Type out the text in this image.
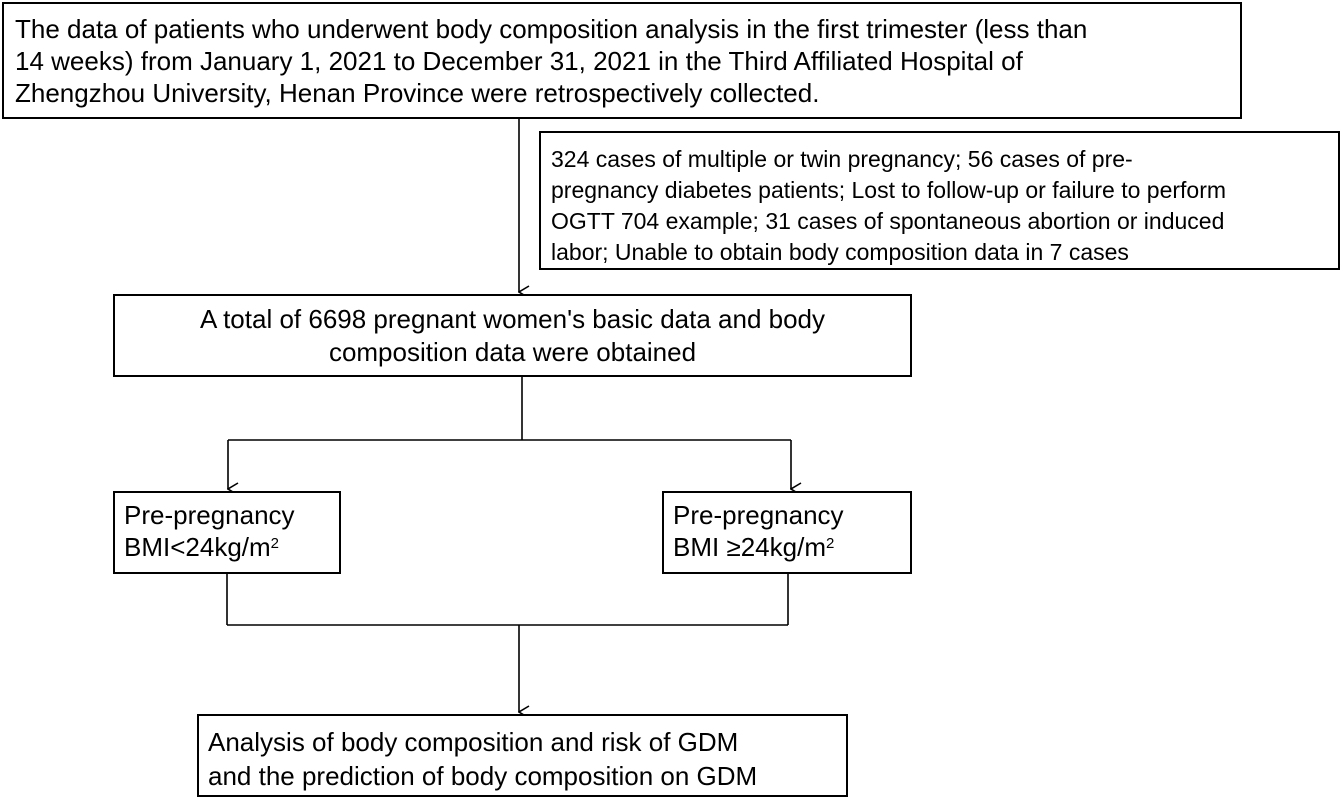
The data of patients who underwent body composition analysis in the first trimester (less than
14 weeks) from January 1, 2021 to December 31, 2021 in the Third Affiliated Hospital of
Zhengzhou University, Henan Province were retrospectively collected.
324 cases of multiple or twin pregnancy; 56 cases of pre-
pregnancy diabetes patients; Lost to follow-up or failure to perform
OGTT 704 example; 31 cases of spontaneous abortion or induced
labor; Unable to obtain body composition data in 7 cases
A total of 6698 pregnant women's basic data and body
composition data were obtained
Pre-pregnancy
$BMI<24kg/m^2$
Pre-pregnancy
BMI $\ge 24kg/m^2$
Analysis of body composition and risk of GDM
and the prediction of body composition on GDM
